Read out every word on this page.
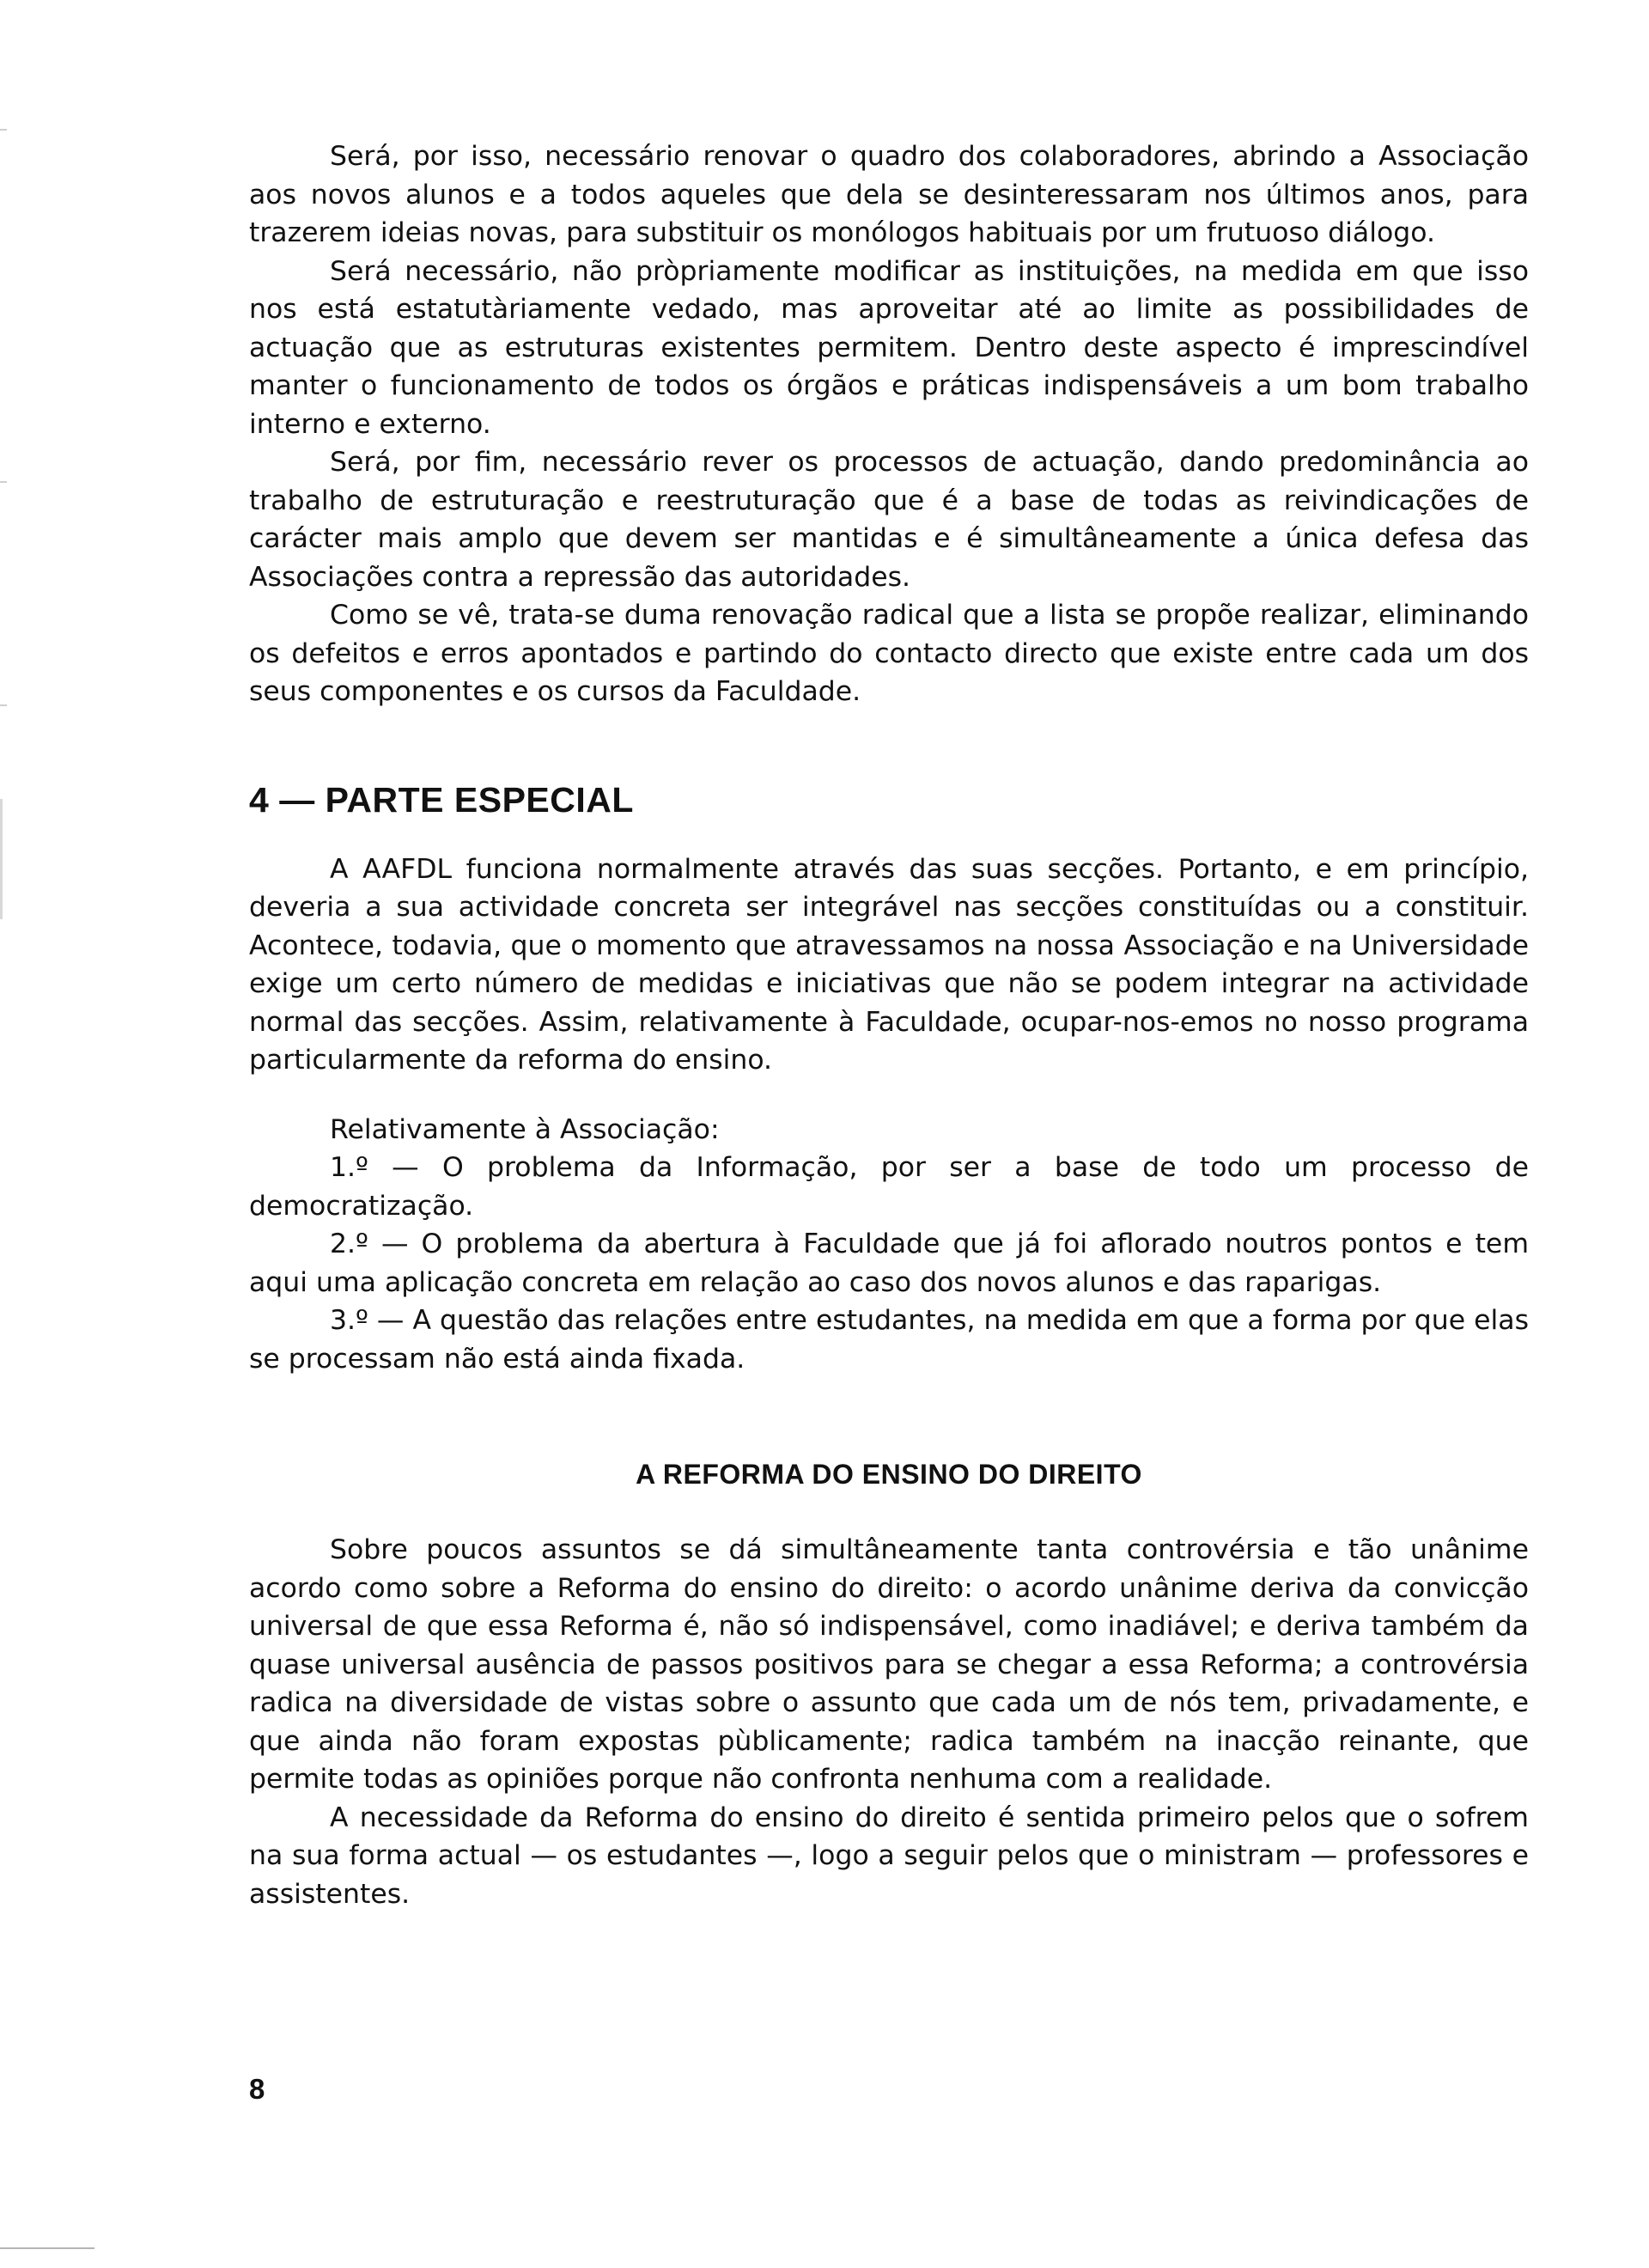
Será, por isso, necessário renovar o quadro dos colaboradores, abrindo a Associação aos novos alunos e a todos aqueles que dela se desinteressaram nos últimos anos, para trazerem ideias novas, para substituir os monólogos habituais por um frutuoso diálogo.

Será necessário, não pròpriamente modificar as instituições, na medida em que isso nos está estatutàriamente vedado, mas aproveitar até ao limite as possibilidades de actuação que as estruturas existentes permitem. Dentro deste aspecto é imprescindível manter o funcionamento de todos os órgãos e práticas indispensáveis a um bom trabalho interno e externo.

Será, por fim, necessário rever os processos de actuação, dando predominância ao trabalho de estruturação e reestruturação que é a base de todas as reivindicações de carácter mais amplo que devem ser mantidas e é simultâneamente a única defesa das Associações contra a repressão das autoridades.

Como se vê, trata-se duma renovação radical que a lista se propõe realizar, eliminando os defeitos e erros apontados e partindo do contacto directo que existe entre cada um dos seus componentes e os cursos da Faculdade.

4 — PARTE ESPECIAL

A AAFDL funciona normalmente através das suas secções. Portanto, e em princípio, deveria a sua actividade concreta ser integrável nas secções constituídas ou a constituir. Acontece, todavia, que o momento que atravessamos na nossa Associação e na Universidade exige um certo número de medidas e iniciativas que não se podem integrar na actividade normal das secções. Assim, relativamente à Faculdade, ocupar-nos-emos no nosso programa particularmente da reforma do ensino.

Relativamente à Associação:

1.º — O problema da Informação, por ser a base de todo um processo de democratização.

2.º — O problema da abertura à Faculdade que já foi aflorado noutros pontos e tem aqui uma aplicação concreta em relação ao caso dos novos alunos e das raparigas.

3.º — A questão das relações entre estudantes, na medida em que a forma por que elas se processam não está ainda fixada.

A REFORMA DO ENSINO DO DIREITO

Sobre poucos assuntos se dá simultâneamente tanta controvérsia e tão unânime acordo como sobre a Reforma do ensino do direito: o acordo unânime deriva da convicção universal de que essa Reforma é, não só indispensável, como inadiável; e deriva também da quase universal ausência de passos positivos para se chegar a essa Reforma; a controvérsia radica na diversidade de vistas sobre o assunto que cada um de nós tem, privadamente, e que ainda não foram expostas pùblicamente; radica também na inacção reinante, que permite todas as opiniões porque não confronta nenhuma com a realidade.

A necessidade da Reforma do ensino do direito é sentida primeiro pelos que o sofrem na sua forma actual — os estudantes —, logo a seguir pelos que o ministram — professores e assistentes.

8
